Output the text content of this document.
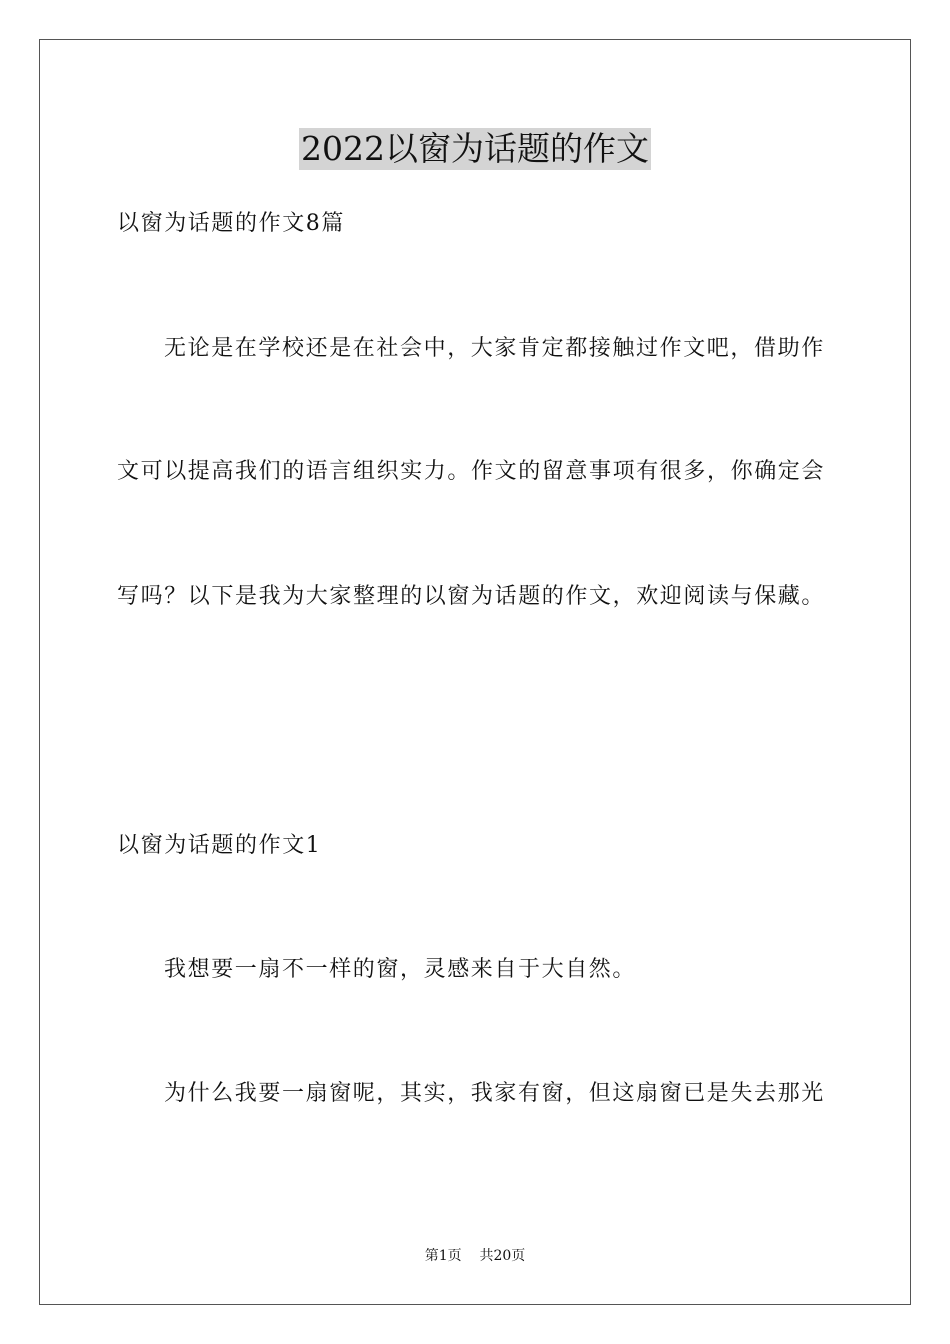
2022以窗为话题的作文
以窗为话题的作文8篇
无论是在学校还是在社会中，大家肯定都接触过作文吧，借助作
文可以提高我们的语言组织实力。作文的留意事项有很多，你确定会
写吗？以下是我为大家整理的以窗为话题的作文，欢迎阅读与保藏。
以窗为话题的作文1
我想要一扇不一样的窗，灵感来自于大自然。
为什么我要一扇窗呢，其实，我家有窗，但这扇窗已是失去那光
第1页 共20页
